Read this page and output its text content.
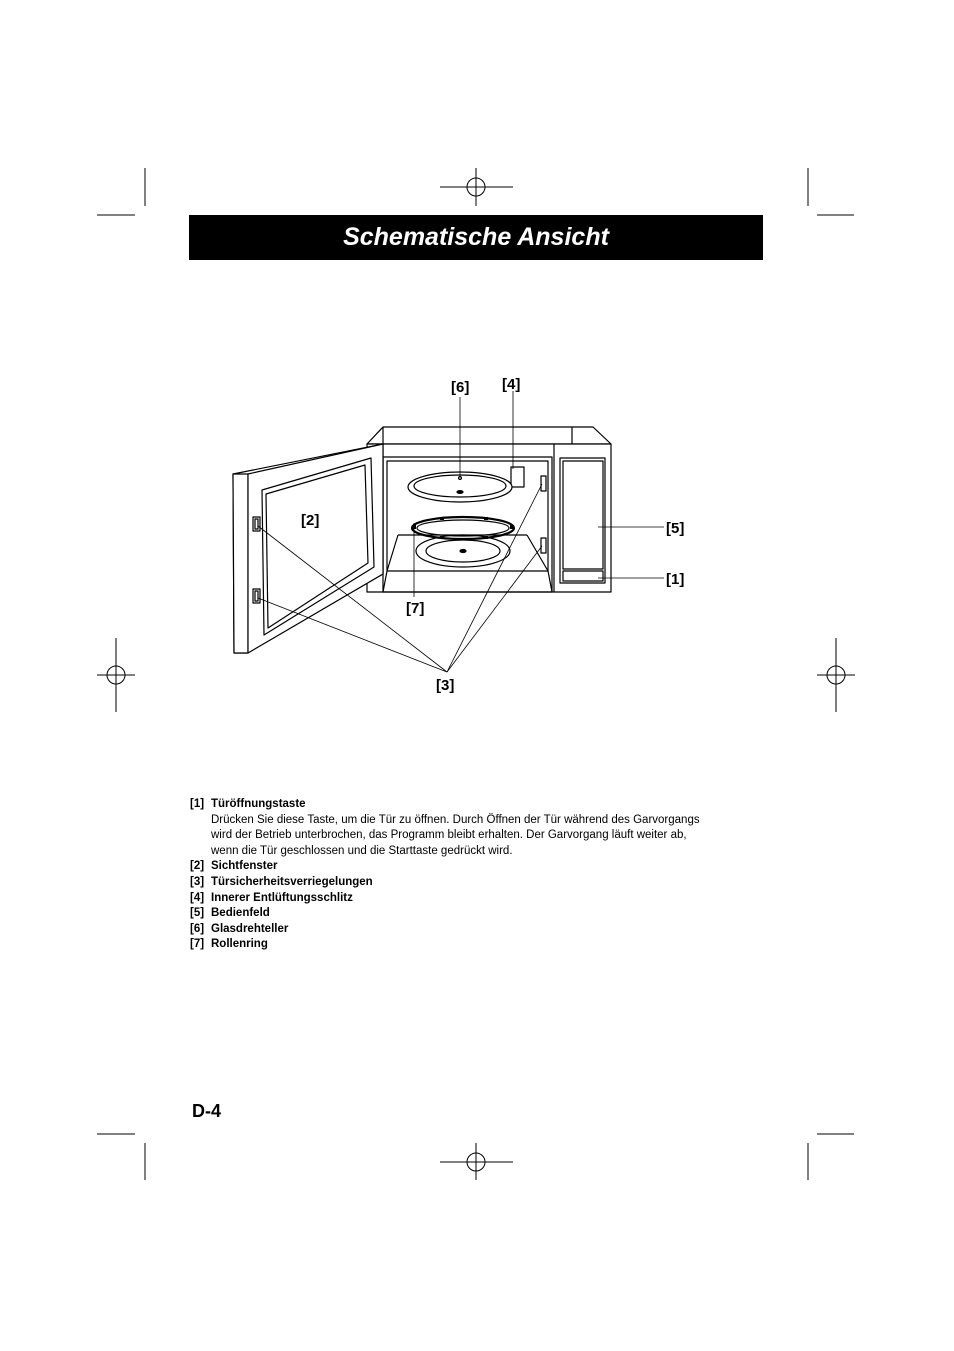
Schematische Ansicht
[6] [4]
[2]	[5]
[1]
[7]
[3]
[1] Türöffnungstaste
Drücken Sie diese Taste, um die Tür zu öffnen. Durch Öffnen der Tür während des Garvorgangs
wird der Betrieb unterbrochen, das Programm bleibt erhalten. Der Garvorgang läuft weiter ab,
wenn die Tür geschlossen und die Starttaste gedrückt wird.
[2] Sichtfenster
[3] Türsicherheitsverriegelungen
[4] Innerer Entlüftungsschlitz
[5] Bedienfeld
[6] Glasdrehteller
[7] Rollenring
D-4
